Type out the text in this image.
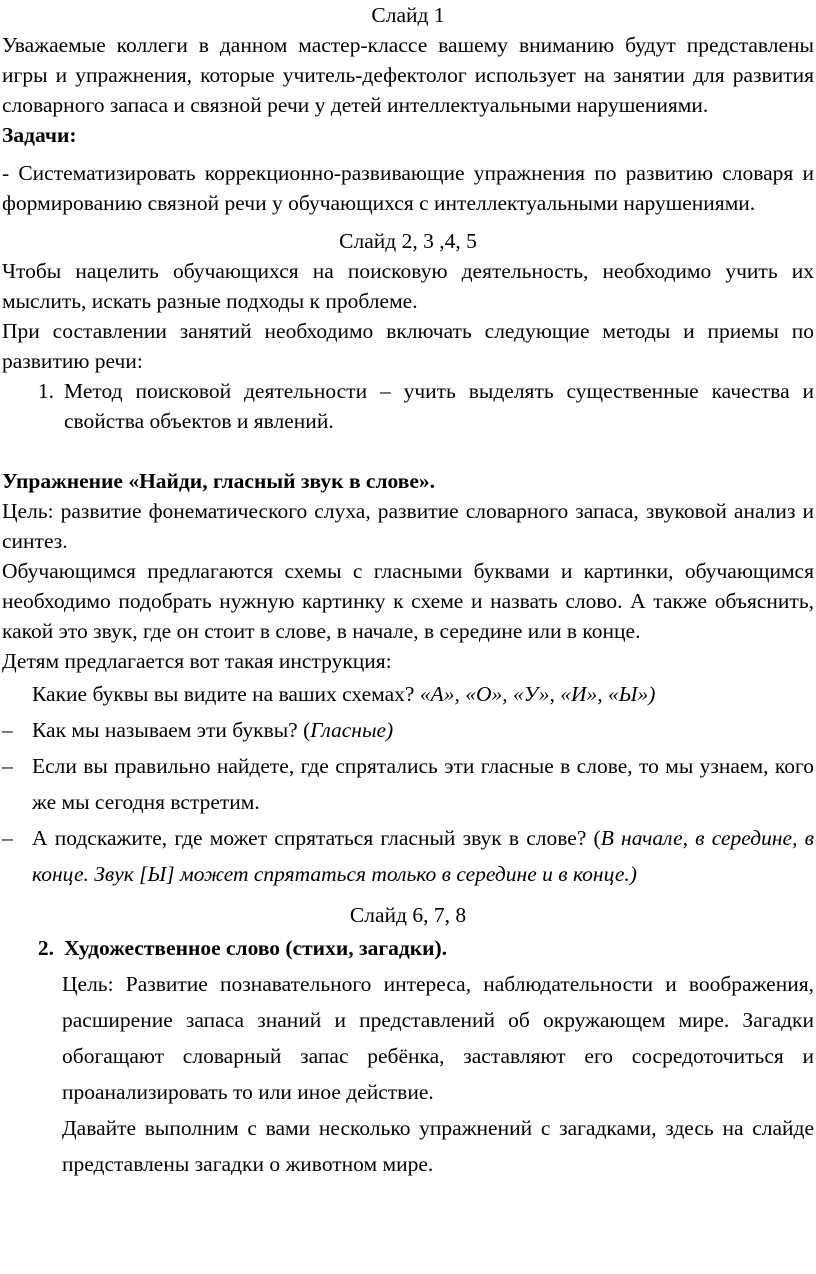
Слайд 1

Уважаемые коллеги в данном мастер-классе вашему вниманию будут представлены игры и упражнения, которые учитель-дефектолог использует на занятии для развития словарного запаса и связной речи у детей интеллектуальными нарушениями.

Задачи:

- Систематизировать коррекционно-развивающие упражнения по развитию словаря и формированию связной речи у обучающихся с интеллектуальными нарушениями.

Слайд 2, 3 ,4, 5

Чтобы нацелить обучающихся на поисковую деятельность, необходимо учить их мыслить, искать разные подходы к проблеме.

При составлении занятий необходимо включать следующие методы и приемы по развитию речи:

1. Метод поисковой деятельности – учить выделять существенные качества и свойства объектов и явлений.

Упражнение «Найди, гласный звук в слове».

Цель: развитие фонематического слуха, развитие словарного запаса, звуковой анализ и синтез.

Обучающимся предлагаются схемы с гласными буквами и картинки, обучающимся необходимо подобрать нужную картинку к схеме и назвать слово. А также объяснить, какой это звук, где он стоит в слове, в начале, в середине или в конце.

Детям предлагается вот такая инструкция:

Какие буквы вы видите на ваших схемах? «А», «О», «У», «И», «Ы»)

– Как мы называем эти буквы? (Гласные)
– Если вы правильно найдете, где спрятались эти гласные в слове, то мы узнаем, кого же мы сегодня встретим.
– А подскажите, где может спрятаться гласный звук в слове? (В начале, в середине, в конце. Звук [Ы] может спрятаться только в середине и в конце.)

Слайд 6, 7, 8

2. Художественное слово (стихи, загадки).

Цель: Развитие познавательного интереса, наблюдательности и воображения, расширение запаса знаний и представлений об окружающем мире. Загадки обогащают словарный запас ребёнка, заставляют его сосредоточиться и проанализировать то или иное действие.

Давайте выполним с вами несколько упражнений с загадками, здесь на слайде представлены загадки о животном мире.
